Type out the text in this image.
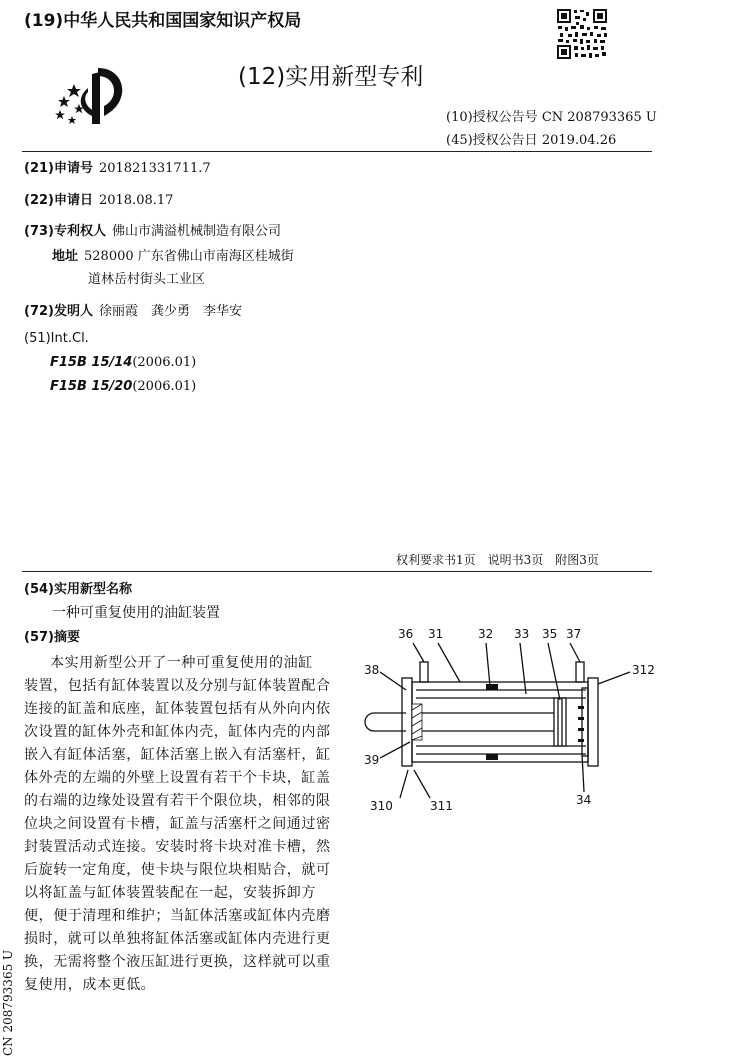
(19)中华人民共和国国家知识产权局
(12)实用新型专利
(10)授权公告号 CN 208793365 U
(45)授权公告日 2019.04.26
(21)申请号 201821331711.7
(22)申请日 2018.08.17
(73)专利权人 佛山市满溢机械制造有限公司
地址 528000 广东省佛山市南海区桂城街
道林岳村街头工业区
(72)发明人 徐丽霞　龚少勇　李华安
(51)Int.Cl.
F15B 15/14(2006.01)
F15B 15/20(2006.01)
权利要求书1页　说明书3页　附图3页
(54)实用新型名称
一种可重复使用的油缸装置
(57)摘要
本实用新型公开了一种可重复使用的油缸
装置，包括有缸体装置以及分别与缸体装置配合
连接的缸盖和底座，缸体装置包括有从外向内依
次设置的缸体外壳和缸体内壳，缸体内壳的内部
嵌入有缸体活塞，缸体活塞上嵌入有活塞杆，缸
体外壳的左端的外壁上设置有若干个卡块，缸盖
的右端的边缘处设置有若干个限位块，相邻的限
位块之间设置有卡槽，缸盖与活塞杆之间通过密
封装置活动式连接。安装时将卡块对准卡槽，然
后旋转一定角度，使卡块与限位块相贴合，就可
以将缸盖与缸体装置装配在一起，安装拆卸方
便，便于清理和维护；当缸体活塞或缸体内壳磨
损时，就可以单独将缸体活塞或缸体内壳进行更
换，无需将整个液压缸进行更换，这样就可以重
复使用，成本更低。
CN 208793365 U
36 31	32 33 35 37
38	312
39
310	311	34
